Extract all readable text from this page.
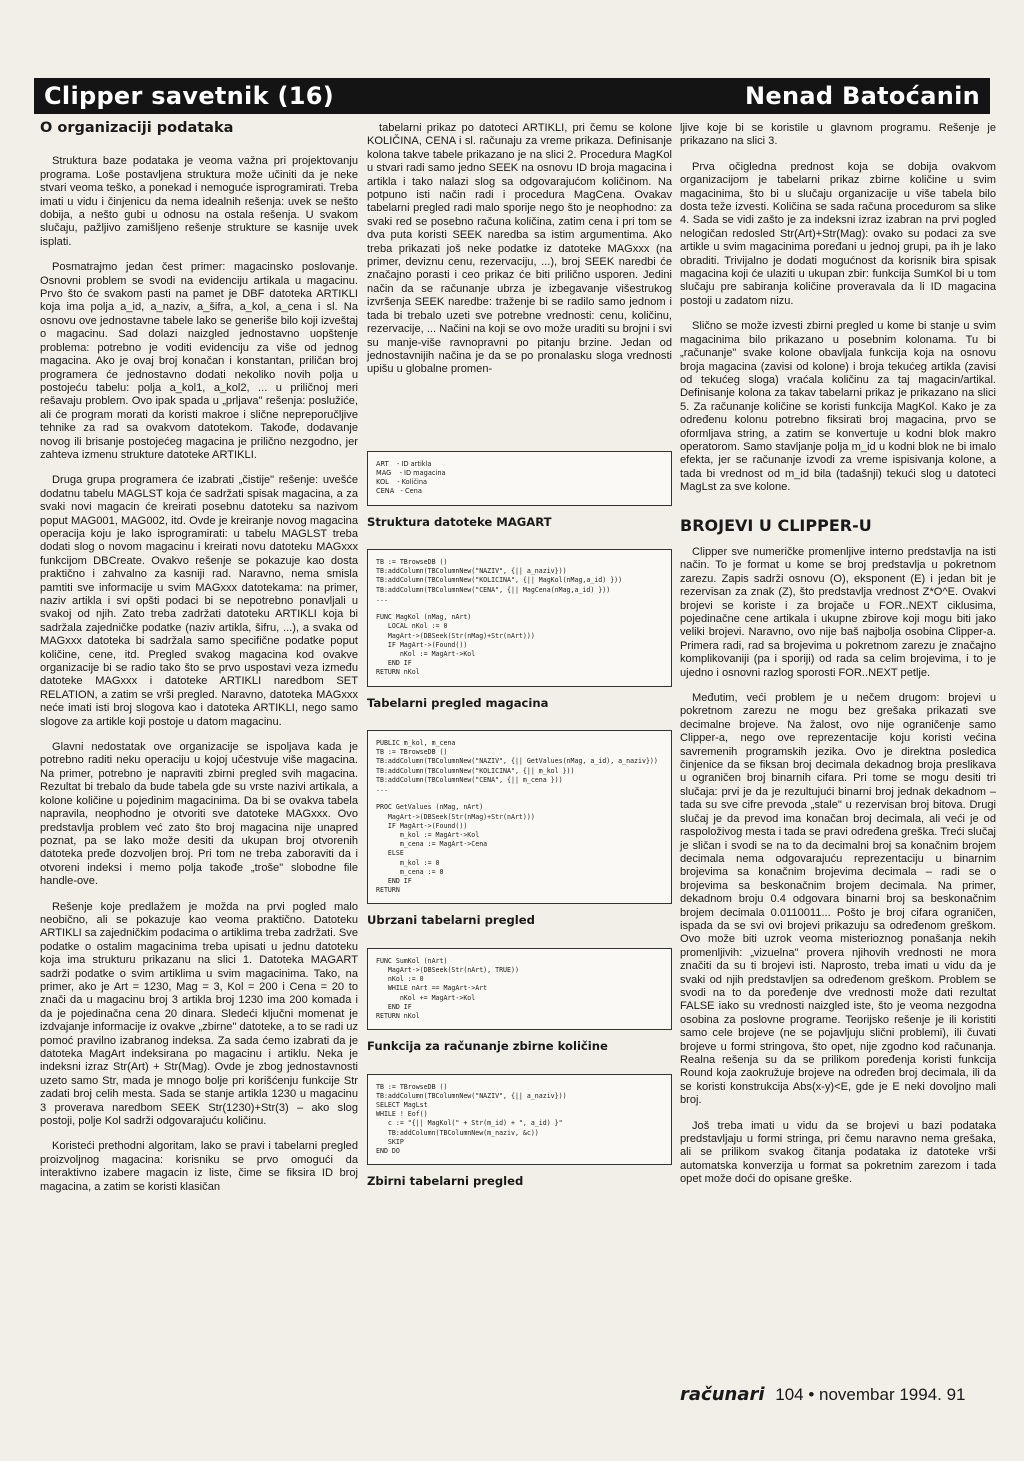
Clipper savetnik (16)	Nenad Batoćanin
O organizaciji podataka

Struktura baze podataka je veoma važna pri projektovanju programa. Loše postavljena struktura može učiniti da je neke stvari veoma teško, a ponekad i nemoguće isprogramirati. Treba imati u vidu i činjenicu da nema idealnih rešenja: uvek se nešto dobija, a nešto gubi u odnosu na ostala rešenja. U svakom slučaju, pažljivo zamišljeno rešenje strukture se kasnije uvek isplati.

Posmatrajmo jedan čest primer: magacinsko poslovanje. Osnovni problem se svodi na evidenciju artikala u magacinu. Prvo što će svakom pasti na pamet je DBF datoteka ARTIKLI koja ima polja a_id, a_naziv, a_šifra, a_kol, a_cena i sl. Na osnovu ove jednostavne tabele lako se generiše bilo koji izveštaj o magacinu. Sad dolazi naizgled jednostavno uopštenje problema: potrebno je voditi evidenciju za više od jednog magacina. Ako je ovaj broj konačan i konstantan, priličan broj programera će jednostavno dodati nekoliko novih polja u postojeću tabelu: polja a_kol1, a_kol2, ... u priličnoj meri rešavaju problem. Ovo ipak spada u „prljava" rešenja: poslužiće, ali će program morati da koristi makroe i slične nepreporučljive tehnike za rad sa ovakvom datotekom. Takođe, dodavanje novog ili brisanje postojećeg magacina je prilično nezgodno, jer zahteva izmenu strukture datoteke ARTIKLI.

Druga grupa programera će izabrati „čistije" rešenje: uvešće dodatnu tabelu MAGLST koja će sadržati spisak magacina, a za svaki novi magacin će kreirati posebnu datoteku sa nazivom poput MAG001, MAG002, itd. Ovde je kreiranje novog magacina operacija koju je lako isprogramirati: u tabelu MAGLST treba dodati slog o novom magacinu i kreirati novu datoteku MAGxxx funkcijom DBCreate. Ovakvo rešenje se pokazuje kao dosta praktično i zahvalno za kasniji rad. Naravno, nema smisla pamtiti sve informacije u svim MAGxxx datotekama: na primer, naziv artikla i svi opšti podaci bi se nepotrebno ponavljali u svakoj od njih. Zato treba zadržati datoteku ARTIKLI koja bi sadržala zajedničke podatke (naziv artikla, šifru, ...), a svaka od MAGxxx datoteka bi sadržala samo specifične podatke poput količine, cene, itd. Pregled svakog magacina kod ovakve organizacije bi se radio tako što se prvo uspostavi veza između datoteke MAGxxx i datoteke ARTIKLI naredbom SET RELATION, a zatim se vrši pregled. Naravno, datoteka MAGxxx neće imati isti broj slogova kao i datoteka ARTIKLI, nego samo slogove za artikle koji postoje u datom magacinu.

Glavni nedostatak ove organizacije se ispoljava kada je potrebno raditi neku operaciju u kojoj učestvuje više magacina. Na primer, potrebno je napraviti zbirni pregled svih magacina. Rezultat bi trebalo da bude tabela gde su vrste nazivi artikala, a kolone količine u pojedinim magacinima. Da bi se ovakva tabela napravila, neophodno je otvoriti sve datoteke MAGxxx. Ovo predstavlja problem već zato što broj magacina nije unapred poznat, pa se lako može desiti da ukupan broj otvorenih datoteka pređe dozvoljen broj. Pri tom ne treba zaboraviti da i otvoreni indeksi i memo polja takođe „troše" slobodne file handle-ove.

Rešenje koje predlažem je možda na prvi pogled malo neobično, ali se pokazuje kao veoma praktično. Datoteku ARTIKLI sa zajedničkim podacima o artiklima treba zadržati. Sve podatke o ostalim magacinima treba upisati u jednu datoteku koja ima strukturu prikazanu na slici 1. Datoteka MAGART sadrži podatke o svim artiklima u svim magacinima. Tako, na primer, ako je Art = 1230, Mag = 3, Kol = 200 i Cena = 20 to znači da u magacinu broj 3 artikla broj 1230 ima 200 komada i da je pojedinačna cena 20 dinara. Sledeći ključni momenat je izdvajanje informacije iz ovakve „zbirne" datoteke, a to se radi uz pomoć pravilno izabranog indeksa. Za sada ćemo izabrati da je datoteka MagArt indeksirana po magacinu i artiklu. Neka je indeksni izraz Str(Art) + Str(Mag). Ovde je zbog jednostavnosti uzeto samo Str, mada je mnogo bolje pri korišćenju funkcije Str zadati broj celih mesta. Sada se stanje artikla 1230 u magacinu 3 proverava naredbom SEEK Str(1230)+Str(3) – ako slog postoji, polje Kol sadrži odgovarajuću količinu.

Koristeći prethodni algoritam, lako se pravi i tabelarni pregled proizvoljnog magacina: korisniku se prvo omogući da interaktivno izabere magacin iz liste, čime se fiksira ID broj magacina, a zatim se koristi klasičan

tabelarni prikaz po datoteci ARTIKLI, pri čemu se kolone KOLIČINA, CENA i sl. računaju za vreme prikaza. Definisanje kolona takve tabele prikazano je na slici 2. Procedura MagKol u stvari radi samo jedno SEEK na osnovu ID broja magacina i artikla i tako nalazi slog sa odgovarajućom količinom. Na potpuno isti način radi i procedura MagCena. Ovakav tabelarni pregled radi malo sporije nego što je neophodno: za svaki red se posebno računa količina, zatim cena i pri tom se dva puta koristi SEEK naredba sa istim argumentima. Ako treba prikazati još neke podatke iz datoteke MAGxxx (na primer, deviznu cenu, rezervaciju, ...), broj SEEK naredbi će značajno porasti i ceo prikaz će biti prilično usporen. Jedini način da se računanje ubrza je izbegavanje višestrukog izvršenja SEEK naredbe: traženje bi se radilo samo jednom i tada bi trebalo uzeti sve potrebne vrednosti: cenu, količinu, rezervacije, ... Načini na koji se ovo može uraditi su brojni i svi su manje-više ravnopravni po pitanju brzine. Jedan od jednostavnijih načina je da se po pronalasku sloga vrednosti upišu u globalne promen-

ART    - ID artikla
MAG    - ID magacina
KOL    - Količina
CENA   - Cena
Struktura datoteke MAGART
TB := TBrowseDB ()
TB:addColumn(TBColumnNew("NAZIV", {|| a_naziv}))
TB:addColumn(TBColumnNew("KOLICINA", {|| MagKol(nMag,a_id) }))
TB:addColumn(TBColumnNew("CENA", {|| MagCena(nMag,a_id) }))
...

FUNC MagKol (nMag, nArt)
LOCAL nKol := 0
MagArt->(DBSeek(Str(nMag)+Str(nArt)))
IF MagArt->(Found())
nKol := MagArt->Kol
END IF
RETURN nKol
Tabelarni pregled magacina
PUBLIC m_kol, m_cena
TB := TBrowseDB ()
TB:addColumn(TBColumnNew("NAZIV", {|| GetValues(nMag, a_id), a_naziv}))
TB:addColumn(TBColumnNew("KOLICINA", {|| m_kol }))
TB:addColumn(TBColumnNew("CENA", {|| m_cena }))
...

PROC GetValues (nMag, nArt)
MagArt->(DBSeek(Str(nMag)+Str(nArt)))
IF MagArt->(Found())
m_kol := MagArt->Kol
m_cena := MagArt->Cena
ELSE
m_kol := 0
m_cena := 0
END IF
RETURN
Ubrzani tabelarni pregled
FUNC SumKol (nArt)
MagArt->(DBSeek(Str(nArt), TRUE))
nKol := 0
WHILE nArt == MagArt->Art
nKol += MagArt->Kol
END IF
RETURN nKol
Funkcija za računanje zbirne količine
TB := TBrowseDB ()
TB:addColumn(TBColumnNew("NAZIV", {|| a_naziv}))
SELECT MagLst
WHILE ! Eof()
c := "{|| MagKol(" + Str(m_id) + ", a_id) }"
TB:addColumn(TBColumnNew(m_naziv, &c))
SKIP
END DO
Zbirni tabelarni pregled

ljive koje bi se koristile u glavnom programu. Rešenje je prikazano na slici 3.

Prva očigledna prednost koja se dobija ovakvom organizacijom je tabelarni prikaz zbirne količine u svim magacinima, što bi u slučaju organizacije u više tabela bilo dosta teže izvesti. Količina se sada računa procedurom sa slike 4. Sada se vidi zašto je za indeksni izraz izabran na prvi pogled nelogičan redosled Str(Art)+Str(Mag): ovako su podaci za sve artikle u svim magacinima poređani u jednoj grupi, pa ih je lako obraditi. Trivijalno je dodati mogućnost da korisnik bira spisak magacina koji će ulaziti u ukupan zbir: funkcija SumKol bi u tom slučaju pre sabiranja količine proveravala da li ID magacina postoji u zadatom nizu.

Slično se može izvesti zbirni pregled u kome bi stanje u svim magacinima bilo prikazano u posebnim kolonama. Tu bi „računanje" svake kolone obavljala funkcija koja na osnovu broja magacina (zavisi od kolone) i broja tekućeg artikla (zavisi od tekućeg sloga) vraćala količinu za taj magacin/artikal. Definisanje kolona za takav tabelarni prikaz je prikazano na slici 5. Za računanje količine se koristi funkcija MagKol. Kako je za određenu kolonu potrebno fiksirati broj magacina, prvo se oformljava string, a zatim se konvertuje u kodni blok makro operatorom. Samo stavljanje polja m_id u kodni blok ne bi imalo efekta, jer se računanje izvodi za vreme ispisivanja kolone, a tada bi vrednost od m_id bila (tadašnji) tekući slog u datoteci MagLst za sve kolone.

BROJEVI U CLIPPER-U

Clipper sve numeričke promenljive interno predstavlja na isti način. To je format u kome se broj predstavlja u pokretnom zarezu. Zapis sadrži osnovu (O), eksponent (E) i jedan bit je rezervisan za znak (Z), što predstavlja vrednost Z*O^E. Ovakvi brojevi se koriste i za brojače u FOR..NEXT ciklusima, pojedinačne cene artikala i ukupne zbirove koji mogu biti jako veliki brojevi. Naravno, ovo nije baš najbolja osobina Clipper-a. Primera radi, rad sa brojevima u pokretnom zarezu je značajno komplikovaniji (pa i sporiji) od rada sa celim brojevima, i to je ujedno i osnovni razlog sporosti FOR..NEXT petlje.

Međutim, veći problem je u nečem drugom: brojevi u pokretnom zarezu ne mogu bez grešaka prikazati sve decimalne brojeve. Na žalost, ovo nije ograničenje samo Clipper-a, nego ove reprezentacije koju koristi većina savremenih programskih jezika. Ovo je direktna posledica činjenice da se fiksan broj decimala dekadnog broja preslikava u ograničen broj binarnih cifara. Pri tome se mogu desiti tri slučaja: prvi je da je rezultujući binarni broj jednak dekadnom – tada su sve cifre prevoda „stale" u rezervisan broj bitova. Drugi slučaj je da prevod ima konačan broj decimala, ali veći je od raspoloživog mesta i tada se pravi određena greška. Treći slučaj je sličan i svodi se na to da decimalni broj sa konačnim brojem decimala nema odgovarajuću reprezentaciju u binarnim brojevima sa konačnim brojevima decimala – radi se o brojevima sa beskonačnim brojem decimala. Na primer, dekadnom broju 0.4 odgovara binarni broj sa beskonačnim brojem decimala 0.0110011... Pošto je broj cifara ograničen, ispada da se svi ovi brojevi prikazuju sa određenom greškom. Ovo može biti uzrok veoma misterioznog ponašanja nekih promenljivih: „vizuelna" provera njihovih vrednosti ne mora značiti da su ti brojevi isti. Naprosto, treba imati u vidu da je svaki od njih predstavljen sa određenom greškom. Problem se svodi na to da poređenje dve vrednosti može dati rezultat FALSE iako su vrednosti naizgled iste, što je veoma nezgodna osobina za poslovne programe. Teorijsko rešenje je ili koristiti samo cele brojeve (ne se pojavljuju slični problemi), ili čuvati brojeve u formi stringova, što opet, nije zgodno kod računanja. Realna rešenja su da se prilikom poređenja koristi funkcija Round koja zaokružuje brojeve na određen broj decimala, ili da se koristi konstrukcija Abs(x-y)<E, gde je E neki dovoljno mali broj.

Još treba imati u vidu da se brojevi u bazi podataka predstavljaju u formi stringa, pri čemu naravno nema grešaka, ali se prilikom svakog čitanja podataka iz datoteke vrši automatska konverzija u format sa pokretnim zarezom i tada opet može doći do opisane greške.

računari 104 • novembar 1994. 91
